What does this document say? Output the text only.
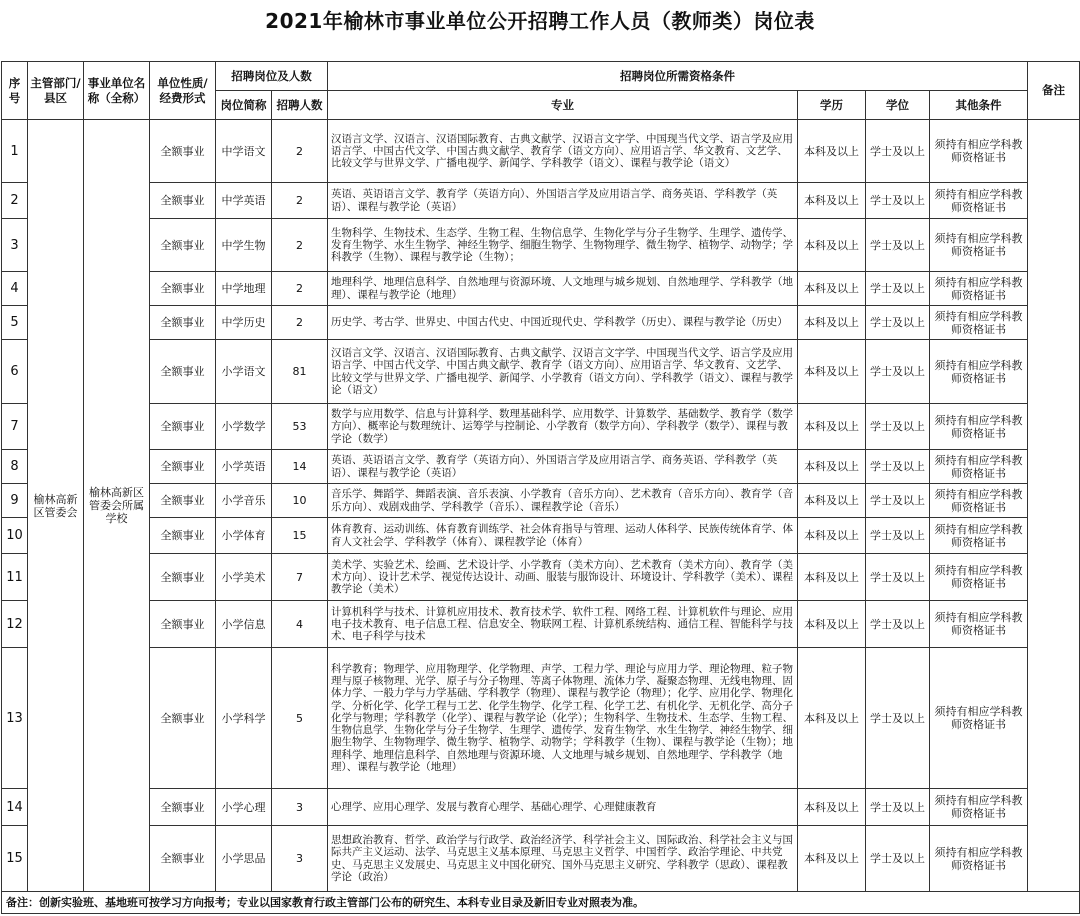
2021年榆林市事业单位公开招聘工作人员（教师类）岗位表

序号	主管部门/县区	事业单位名称（全称）	单位性质/经费形式	招聘岗位及人数		招聘岗位所需资格条件				备注
				岗位简称	招聘人数	专业	学历	学位	其他条件	
1	榆林高新区管委会	榆林高新区管委会所属学校	全额事业	中学语文	2	汉语言文学、汉语言、汉语国际教育、古典文献学、汉语言文字学、中国现当代文学、语言学及应用语言学、中国古代文学、中国古典文献学、教育学（语文方向）、应用语言学、华文教育、文艺学、比较文学与世界文学、广播电视学、新闻学、学科教学（语文）、课程与教学论（语文）	本科及以上	学士及以上	须持有相应学科教师资格证书	
2			全额事业	中学英语	2	英语、英语语言文学、教育学（英语方向）、外国语言学及应用语言学、商务英语、学科教学（英语）、课程与教学论（英语）	本科及以上	学士及以上	须持有相应学科教师资格证书	
3			全额事业	中学生物	2	生物科学、生物技术、生态学、生物工程、生物信息学、生物化学与分子生物学、生理学、遗传学、发育生物学、水生生物学、神经生物学、细胞生物学、生物物理学、微生物学、植物学、动物学；学科教学（生物）、课程与教学论（生物）；	本科及以上	学士及以上	须持有相应学科教师资格证书	
4			全额事业	中学地理	2	地理科学、地理信息科学、自然地理与资源环境、人文地理与城乡规划、自然地理学、学科教学（地理）、课程与教学论（地理）	本科及以上	学士及以上	须持有相应学科教师资格证书	
5			全额事业	中学历史	2	历史学、考古学、世界史、中国古代史、中国近现代史、学科教学（历史）、课程与教学论（历史）	本科及以上	学士及以上	须持有相应学科教师资格证书	
6			全额事业	小学语文	81	汉语言文学、汉语言、汉语国际教育、古典文献学、汉语言文字学、中国现当代文学、语言学及应用语言学、中国古代文学、中国古典文献学、教育学（语文方向）、应用语言学、华文教育、文艺学、比较文学与世界文学、广播电视学、新闻学、小学教育（语文方向）、学科教学（语文）、课程与教学论（语文）	本科及以上	学士及以上	须持有相应学科教师资格证书	
7			全额事业	小学数学	53	数学与应用数学、信息与计算科学、数理基础科学、应用数学、计算数学、基础数学、教育学（数学方向）、概率论与数理统计、运筹学与控制论、小学教育（数学方向）、学科教学（数学）、课程与教学论（数学）	本科及以上	学士及以上	须持有相应学科教师资格证书	
8			全额事业	小学英语	14	英语、英语语言文学、教育学（英语方向）、外国语言学及应用语言学、商务英语、学科教学（英语）、课程与教学论（英语）	本科及以上	学士及以上	须持有相应学科教师资格证书	
9			全额事业	小学音乐	10	音乐学、舞蹈学、舞蹈表演、音乐表演、小学教育（音乐方向）、艺术教育（音乐方向）、教育学（音乐方向）、戏剧戏曲学、学科教学（音乐）、课程教学论（音乐）	本科及以上	学士及以上	须持有相应学科教师资格证书	
10			全额事业	小学体育	15	体育教育、运动训练、体育教育训练学、社会体育指导与管理、运动人体科学、民族传统体育学、体育人文社会学、学科教学（体育）、课程教学论（体育）	本科及以上	学士及以上	须持有相应学科教师资格证书	
11			全额事业	小学美术	7	美术学、实验艺术、绘画、艺术设计学、小学教育（美术方向）、艺术教育（美术方向）、教育学（美术方向）、设计艺术学、视觉传达设计、动画、服装与服饰设计、环境设计、学科教学（美术）、课程教学论（美术）	本科及以上	学士及以上	须持有相应学科教师资格证书	
12			全额事业	小学信息	4	计算机科学与技术、计算机应用技术、教育技术学、软件工程、网络工程、计算机软件与理论、应用电子技术教育、电子信息工程、信息安全、物联网工程、计算机系统结构、通信工程、智能科学与技术、电子科学与技术	本科及以上	学士及以上	须持有相应学科教师资格证书	
13			全额事业	小学科学	5	科学教育；物理学、应用物理学、化学物理、声学、工程力学、理论与应用力学、理论物理、粒子物理与原子核物理、光学、原子与分子物理、等离子体物理、流体力学、凝聚态物理、无线电物理、固体力学、一般力学与力学基础、学科教学（物理）、课程与教学论（物理）；化学、应用化学、物理化学、分析化学、化学工程与工艺、化学生物学、化学工程、化学工艺、有机化学、无机化学、高分子化学与物理；学科教学（化学）、课程与教学论（化学）；生物科学、生物技术、生态学、生物工程、生物信息学、生物化学与分子生物学、生理学、遗传学、发育生物学、水生生物学、神经生物学、细胞生物学、生物物理学、微生物学、植物学、动物学；学科教学（生物）、课程与教学论（生物）；地理科学、地理信息科学、自然地理与资源环境、人文地理与城乡规划、自然地理学、学科教学（地理）、课程与教学论（地理）	本科及以上	学士及以上	须持有相应学科教师资格证书	
14			全额事业	小学心理	3	心理学、应用心理学、发展与教育心理学、基础心理学、心理健康教育	本科及以上	学士及以上	须持有相应学科教师资格证书	
15			全额事业	小学思品	3	思想政治教育、哲学、政治学与行政学、政治经济学、科学社会主义、国际政治、科学社会主义与国际共产主义运动、法学、马克思主义基本原理、马克思主义哲学、中国哲学、政治学理论、中共党史、马克思主义发展史、马克思主义中国化研究、国外马克思主义研究、学科教学（思政）、课程教学论（政治）	本科及以上	学士及以上	须持有相应学科教师资格证书	
备注：创新实验班、基地班可按学习方向报考；专业以国家教育行政主管部门公布的研究生、本科专业目录及新旧专业对照表为准。										
